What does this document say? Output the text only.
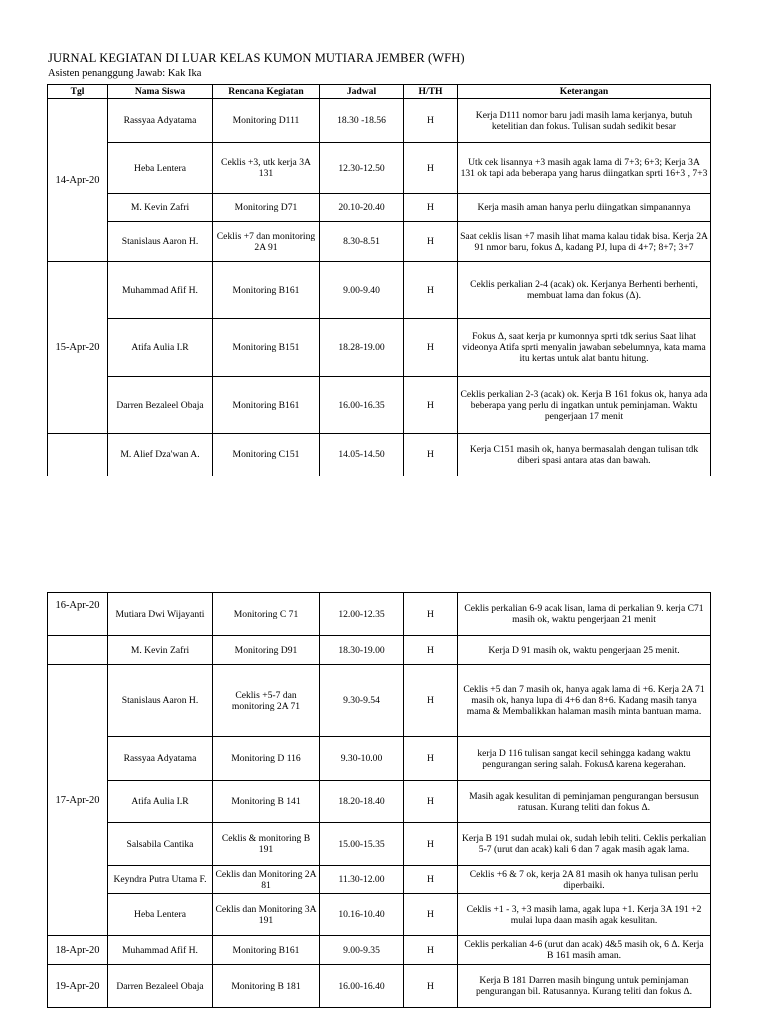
JURNAL KEGIATAN DI LUAR KELAS KUMON MUTIARA JEMBER (WFH)
Asisten penanggung Jawab: Kak Ika
Tgl	Nama Siswa	Rencana Kegiatan	Jadwal	H/TH	Keterangan
14-Apr-20	Rassyaa Adyatama	Monitoring D111	18.30 -18.56	H	Kerja D111 nomor baru jadi masih lama kerjanya, butuh ketelitian dan fokus. Tulisan sudah sedikit besar
	Heba Lentera	Ceklis +3, utk kerja 3A 131	12.30-12.50	H	Utk cek lisannya +3 masih agak lama di 7+3; 6+3; Kerja 3A 131 ok tapi ada beberapa yang harus diingatkan sprti 16+3 , 7+3
	M. Kevin Zafri	Monitoring D71	20.10-20.40	H	Kerja masih aman hanya perlu diingatkan simpanannya
	Stanislaus Aaron H.	Ceklis +7 dan monitoring 2A 91	8.30-8.51	H	Saat ceklis lisan +7 masih lihat mama kalau tidak bisa. Kerja 2A 91 nmor baru, fokus Δ, kadang PJ, lupa di 4+7; 8+7; 3+7
15-Apr-20	Muhammad Afif H.	Monitoring B161	9.00-9.40	H	Ceklis perkalian 2-4 (acak) ok. Kerjanya Berhenti berhenti, membuat lama dan fokus (Δ).
	Atifa Aulia I.R	Monitoring B151	18.28-19.00	H	Fokus Δ, saat kerja pr kumonnya sprti tdk serius Saat lihat videonya Atifa sprti menyalin jawaban sebelumnya, kata mama itu kertas untuk alat bantu hitung.
	Darren Bezaleel Obaja	Monitoring B161	16.00-16.35	H	Ceklis perkalian 2-3 (acak) ok. Kerja B 161 fokus ok, hanya ada beberapa yang perlu di ingatkan untuk peminjaman. Waktu pengerjaan 17 menit
	M. Alief Dza'wan A.	Monitoring C151	14.05-14.50	H	Kerja C151 masih ok, hanya bermasalah dengan tulisan tdk diberi spasi antara atas dan bawah.
16-Apr-20	Mutiara Dwi Wijayanti	Monitoring C 71	12.00-12.35	H	Ceklis perkalian 6-9 acak lisan, lama di perkalian 9. kerja C71 masih ok, waktu pengerjaan 21 menit
	M. Kevin Zafri	Monitoring D91	18.30-19.00	H	Kerja D 91 masih ok, waktu pengerjaan 25 menit.
17-Apr-20	Stanislaus Aaron H.	Ceklis +5-7 dan monitoring 2A 71	9.30-9.54	H	Ceklis +5 dan 7 masih ok, hanya agak lama di +6. Kerja 2A 71 masih ok, hanya lupa di 4+6 dan 8+6. Kadang masih tanya mama & Membalikkan halaman masih minta bantuan mama.
	Rassyaa Adyatama	Monitoring D 116	9.30-10.00	H	kerja D 116 tulisan sangat kecil sehingga kadang waktu pengurangan sering salah. FokusΔ karena kegerahan.
	Atifa Aulia I.R	Monitoring B 141	18.20-18.40	H	Masih agak kesulitan di peminjaman pengurangan bersusun ratusan. Kurang teliti dan fokus Δ.
	Salsabila Cantika	Ceklis & monitoring B 191	15.00-15.35	H	Kerja B 191 sudah mulai ok, sudah lebih teliti. Ceklis perkalian 5-7 (urut dan acak) kali 6 dan 7 agak masih agak lama.
	Keyndra Putra Utama F.	Ceklis dan Monitoring 2A 81	11.30-12.00	H	Ceklis +6 & 7 ok, kerja 2A 81 masih ok hanya tulisan perlu diperbaiki.
	Heba Lentera	Ceklis dan Monitoring 3A 191	10.16-10.40	H	Ceklis +1 - 3, +3 masih lama, agak lupa +1. Kerja 3A 191 +2 mulai lupa daan masih agak kesulitan.
18-Apr-20	Muhammad Afif H.	Monitoring B161	9.00-9.35	H	Ceklis perkalian 4-6 (urut dan acak) 4&5 masih ok, 6 Δ. Kerja B 161 masih aman.
19-Apr-20	Darren Bezaleel Obaja	Monitoring B 181	16.00-16.40	H	Kerja B 181 Darren masih bingung untuk peminjaman pengurangan bil. Ratusannya. Kurang teliti dan fokus Δ.
